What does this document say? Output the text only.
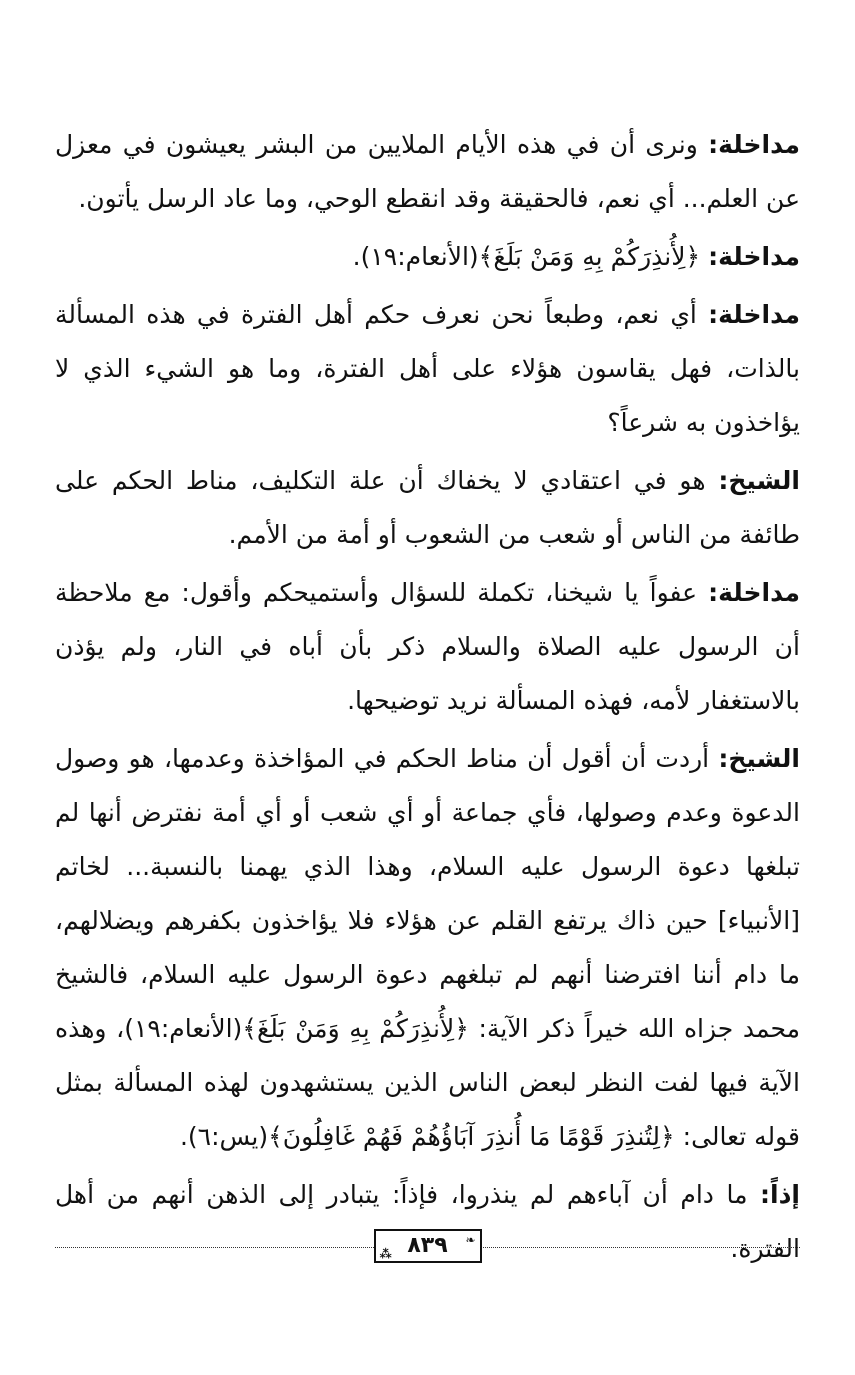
مداخلة: ونرى أن في هذه الأيام الملايين من البشر يعيشون في معزل عن العلم... أي نعم، فالحقيقة وقد انقطع الوحي، وما عاد الرسل يأتون.

مداخلة: ﴿لِأُنذِرَكُمْ بِهِ وَمَنْ بَلَغَ﴾(الأنعام:١٩).

مداخلة: أي نعم، وطبعاً نحن نعرف حكم أهل الفترة في هذه المسألة بالذات، فهل يقاسون هؤلاء على أهل الفترة، وما هو الشيء الذي لا يؤاخذون به شرعاً؟

الشيخ: هو في اعتقادي لا يخفاك أن علة التكليف، مناط الحكم على طائفة من الناس أو شعب من الشعوب أو أمة من الأمم.

مداخلة: عفواً يا شيخنا، تكملة للسؤال وأستميحكم وأقول: مع ملاحظة أن الرسول عليه الصلاة والسلام ذكر بأن أباه في النار، ولم يؤذن بالاستغفار لأمه، فهذه المسألة نريد توضيحها.

الشيخ: أردت أن أقول أن مناط الحكم في المؤاخذة وعدمها، هو وصول الدعوة وعدم وصولها، فأي جماعة أو أي شعب أو أي أمة نفترض أنها لم تبلغها دعوة الرسول عليه السلام، وهذا الذي يهمنا بالنسبة... لخاتم [الأنبياء] حين ذاك يرتفع القلم عن هؤلاء فلا يؤاخذون بكفرهم ويضلالهم، ما دام أننا افترضنا أنهم لم تبلغهم دعوة الرسول عليه السلام، فالشيخ محمد جزاه الله خيراً ذكر الآية: ﴿لِأُنذِرَكُمْ بِهِ وَمَنْ بَلَغَ﴾(الأنعام:١٩)، وهذه الآية فيها لفت النظر لبعض الناس الذين يستشهدون لهذه المسألة بمثل قوله تعالى: ﴿لِتُنذِرَ قَوْمًا مَا أُنذِرَ آبَاؤُهُمْ فَهُمْ غَافِلُونَ﴾(يس:٦).

إذاً: ما دام أن آباءهم لم ينذروا، فإذاً: يتبادر إلى الذهن أنهم من أهل الفترة.

❧
٨٣٩
⁂
